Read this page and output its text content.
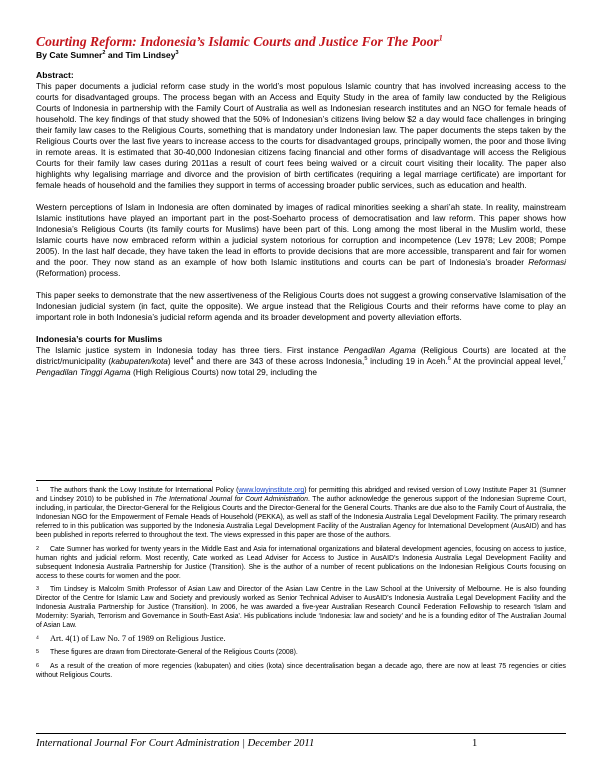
Courting Reform: Indonesia’s Islamic Courts and Justice For The Poor$^1$
By Cate Sumner$^2$ and Tim Lindsey$^3$
Abstract:

This paper documents a judicial reform case study in the world’s most populous Islamic country that has involved increasing access to the courts for disadvantaged groups. The process began with an Access and Equity Study in the area of family law conducted by the Religious Courts of Indonesia in partnership with the Family Court of Australia as well as Indonesian research institutes and an NGO for female heads of household. The key findings of that study showed that the 50% of Indonesian’s citizens living below $2 a day would face challenges in bringing their family law cases to the Religious Courts, something that is mandatory under Indonesian law. The paper documents the steps taken by the Religious Courts over the last five years to increase access to the courts for disadvantaged groups, principally women, the poor and those living in remote areas. It is estimated that 30-40,000 Indonesian citizens facing financial and other forms of disadvantage will access the Religious Courts for their family law cases during 2011as a result of court fees being waived or a circuit court visiting their locality. The paper also highlights why legalising marriage and divorce and the provision of birth certificates (requiring a legal marriage certificate) are important for female heads of household and the families they support in terms of accessing broader public services, such as education and health.

Western perceptions of Islam in Indonesia are often dominated by images of radical minorities seeking a shari’ah state. In reality, mainstream Islamic institutions have played an important part in the post-Soeharto process of democratisation and law reform. This paper shows how Indonesia’s Religious Courts (its family courts for Muslims) have been part of this. Long among the most liberal in the Muslim world, these Islamic courts have now embraced reform within a judicial system notorious for corruption and incompetence (Lev 1978; Lev 2008; Pompe 2005). In the last half decade, they have taken the lead in efforts to provide decisions that are more accessible, transparent and fair for women and the poor. They now stand as an example of how both Islamic institutions and courts can be part of Indonesia’s broader Reformasi (Reformation) process.

This paper seeks to demonstrate that the new assertiveness of the Religious Courts does not suggest a growing conservative Islamisation of the Indonesian judicial system (in fact, quite the opposite). We argue instead that the Religious Courts and their reforms have come to play an important role in both Indonesia’s judicial reform agenda and its broader development and poverty alleviation efforts.

Indonesia’s courts for Muslims

The Islamic justice system in Indonesia today has three tiers. First instance Pengadilan Agama (Religious Courts) are located at the district/municipality (kabupaten/kota) level$^4$ and there are 343 of these across Indonesia,$^5$ including 19 in Aceh.$^6$ At the provincial appeal level,$^7$ Pengadilan Tinggi Agama (High Religious Courts) now total 29, including the

1 The authors thank the Lowy Institute for International Policy (www.lowyinstitute.org) for permitting this abridged and revised version of Lowy Institute Paper 31 (Sumner and Lindsey 2010) to be published in The International Journal for Court Administration. The author acknowledge the generous support of the Indonesian Supreme Court, including, in particular, the Director-General for the Religious Courts and the Director-General for the General Courts. Thanks are due also to the Family Court of Australia, the Indonesian NGO for the Empowerment of Female Heads of Household (PEKKA), as well as staff of the Indonesia Australia Legal Development Facility. The primary research referred to in this publication was supported by the Indonesia Australia Legal Development Facility of the Australian Agency for International Development (AusAID) and has been published in reports referred to throughout the text. The views expressed in this paper are those of the authors.
2 Cate Sumner has worked for twenty years in the Middle East and Asia for international organizations and bilateral development agencies, focusing on access to justice, human rights and judicial reform. Most recently, Cate worked as Lead Adviser for Access to Justice in AusAID’s Indonesia Australia Legal Development Facility and subsequent Indonesia Australia Partnership for Justice (Transition). She is the author of a number of recent publications on the Indonesian Religious Courts focusing on access to these courts for women and the poor.
3 Tim Lindsey is Malcolm Smith Professor of Asian Law and Director of the Asian Law Centre in the Law School at the University of Melbourne. He is also founding Director of the Centre for Islamic Law and Society and previously worked as Senior Technical Adviser to AusAID’s Indonesia Australia Legal Development Facility and the Indonesia Australia Partnership for Justice (Transition). In 2006, he was awarded a five-year Australian Research Council Federation Fellowship to research ‘Islam and Modernity: Syariah, Terrorism and Governance in South-East Asia’. His publications include ‘Indonesia: law and society’ and he is a founding editor of The Australian Journal of Asian Law.
4 Art. 4(1) of Law No. 7 of 1989 on Religious Justice.
5 These figures are drawn from Directorate-General of the Religious Courts (2008).
6 As a result of the creation of more regencies (kabupaten) and cities (kota) since decentralisation began a decade ago, there are now at least 75 regencies or cities without Religious Courts.
International Journal For Court Administration | December 2011	1
